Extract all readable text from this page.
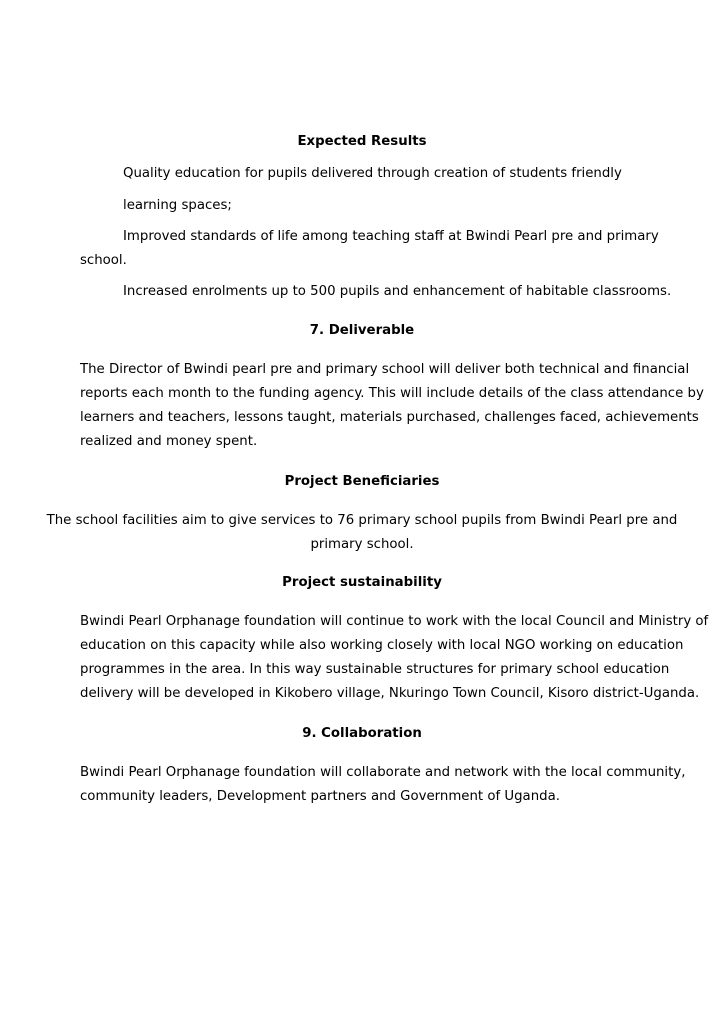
Expected Results
Quality education for pupils delivered through creation of students friendly
learning spaces;
Improved standards of life among teaching staff at Bwindi Pearl pre and primary
school.
Increased enrolments up to 500 pupils and enhancement of habitable classrooms.
7. Deliverable
The Director of Bwindi pearl pre and primary school will deliver both technical and financial
reports each month to the funding agency. This will include details of the class attendance by
learners and teachers, lessons taught, materials purchased, challenges faced, achievements
realized and money spent.
Project Beneficiaries
The school facilities aim to give services to 76 primary school pupils from Bwindi Pearl pre and
primary school.
Project sustainability
Bwindi Pearl Orphanage foundation will continue to work with the local Council and Ministry of
education on this capacity while also working closely with local NGO working on education
programmes in the area. In this way sustainable structures for primary school education
delivery will be developed in Kikobero village, Nkuringo Town Council, Kisoro district-Uganda.
9. Collaboration
Bwindi Pearl Orphanage foundation will collaborate and network with the local community,
community leaders, Development partners and Government of Uganda.
